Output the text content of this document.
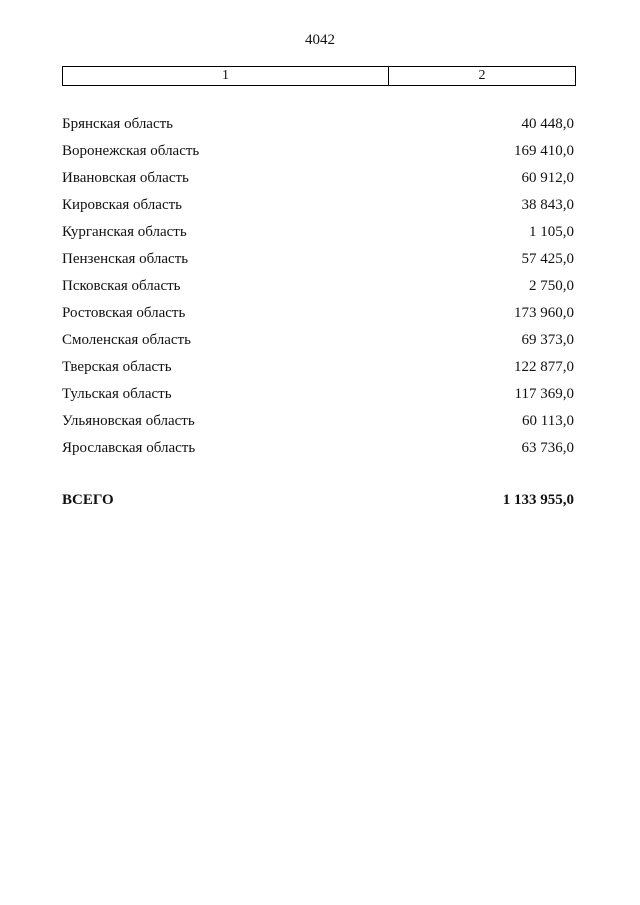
4042
1	2
Брянская область	40 448,0
Воронежская область	169 410,0
Ивановская область	60 912,0
Кировская область	38 843,0
Курганская область	1 105,0
Пензенская область	57 425,0
Псковская область	2 750,0
Ростовская область	173 960,0
Смоленская область	69 373,0
Тверская область	122 877,0
Тульская область	117 369,0
Ульяновская область	60 113,0
Ярославская область	63 736,0
ВСЕГО	1 133 955,0
